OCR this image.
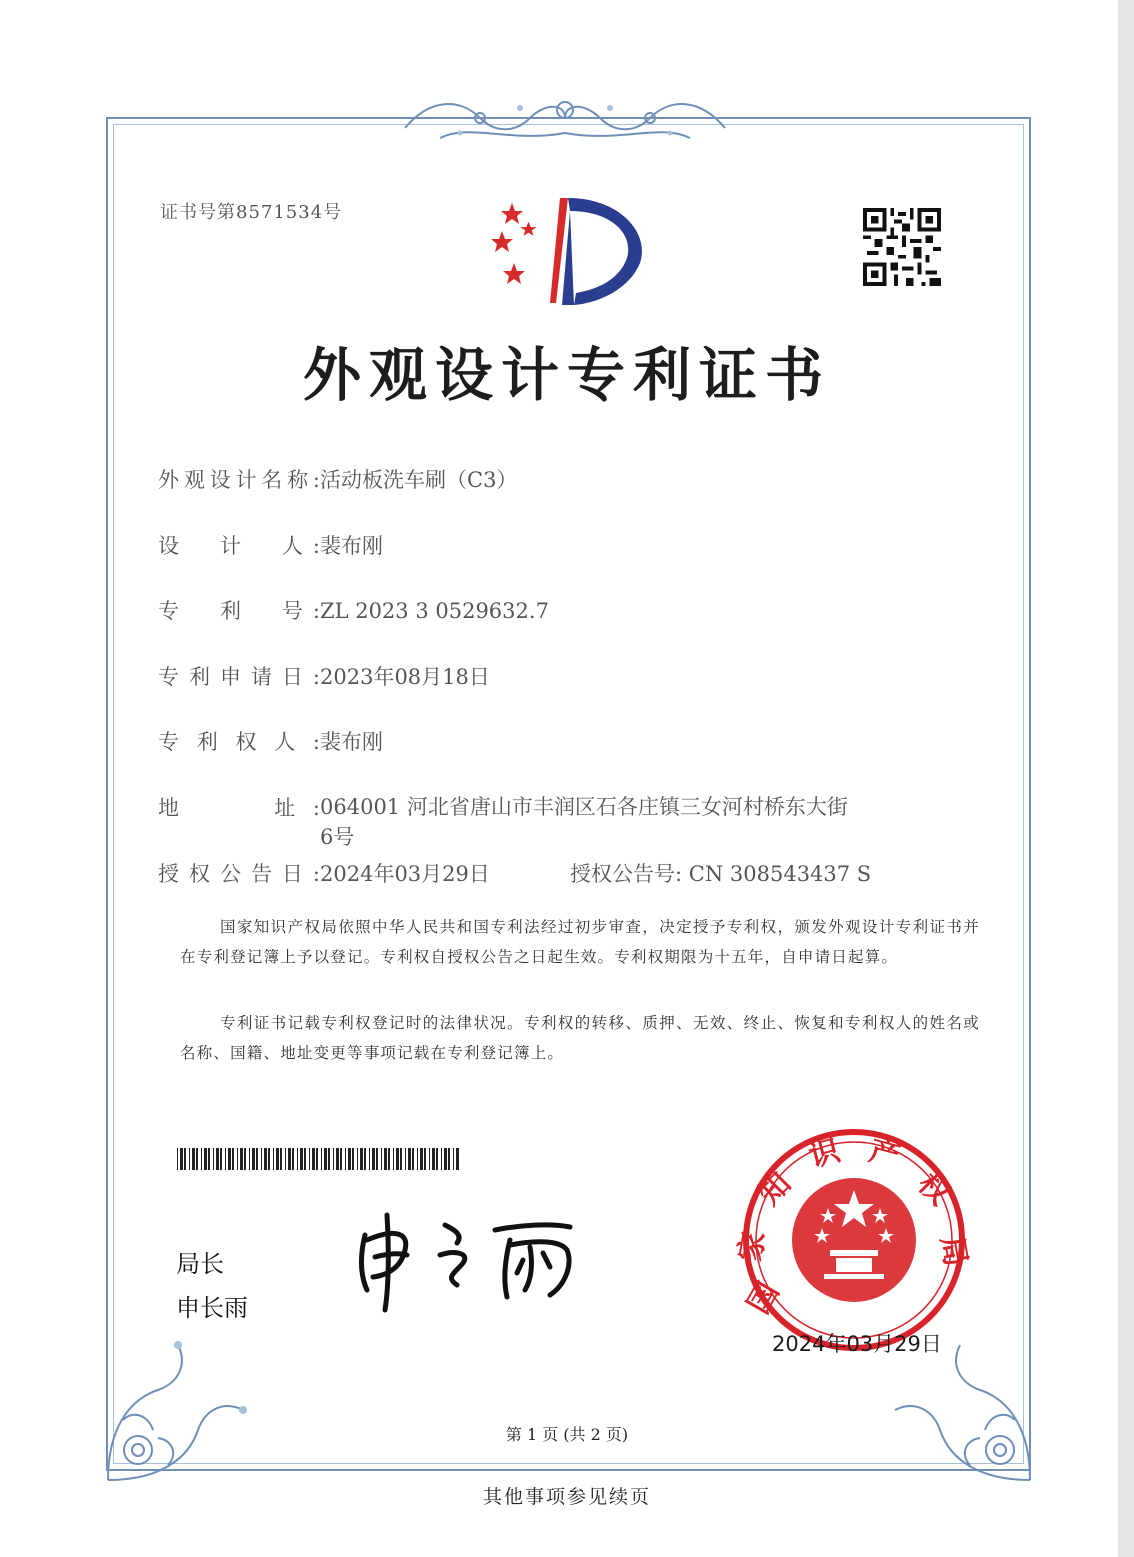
证书号第8571534号
外观设计专利证书
外观设计名称:活动板洗车刷（C3）
设　计　人:裴布刚
专　利　号:ZL 2023 3 0529632.7
专利申请日:2023年08月18日
专利权人:裴布刚
地　　址: 064001 河北省唐山市丰润区石各庄镇三女河村桥东大街6号
授权公告日:2024年03月29日	授权公告号: CN 308543437 S
国家知识产权局依照中华人民共和国专利法经过初步审查，决定授予专利权，颁发外观设计专利证书并在专利登记簿上予以登记。专利权自授权公告之日起生效。专利权期限为十五年，自申请日起算。
专利证书记载专利权登记时的法律状况。专利权的转移、质押、无效、终止、恢复和专利权人的姓名或名称、国籍、地址变更等事项记载在专利登记簿上。
局长
申长雨	国
家
知
识 产
权
局
2024年03月29日
第 1 页 (共 2 页)
其他事项参见续页
